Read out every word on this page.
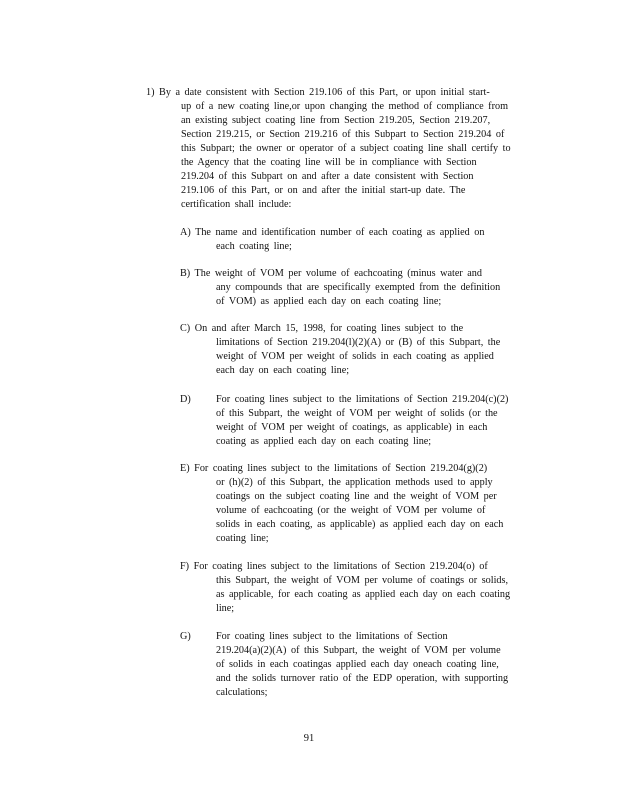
1) By a date consistent with Section 219.106 of this Part, or upon initial start-
up of a new coating line,or upon changing the method of compliance from
an existing subject coating line from Section 219.205, Section 219.207,
Section 219.215, or Section 219.216 of this Subpart to Section 219.204 of
this Subpart; the owner or operator of a subject coating line shall certify to
the Agency that the coating line will be in compliance with Section
219.204 of this Subpart on and after a date consistent with Section
219.106 of this Part, or on and after the initial start-up date. The
certification shall include:
A) The name and identification number of each coating as applied on
each coating line;
B) The weight of VOM per volume of eachcoating (minus water and
any compounds that are specifically exempted from the definition
of VOM) as applied each day on each coating line;
C) On and after March 15, 1998, for coating lines subject to the
limitations of Section 219.204(l)(2)(A) or (B) of this Subpart, the
weight of VOM per weight of solids in each coating as applied
each day on each coating line;
D) For coating lines subject to the limitations of Section 219.204(c)(2)
of this Subpart, the weight of VOM per weight of solids (or the
weight of VOM per weight of coatings, as applicable) in each
coating as applied each day on each coating line;
E) For coating lines subject to the limitations of Section 219.204(g)(2)
or (h)(2) of this Subpart, the application methods used to apply
coatings on the subject coating line and the weight of VOM per
volume of eachcoating (or the weight of VOM per volume of
solids in each coating, as applicable) as applied each day on each
coating line;
F) For coating lines subject to the limitations of Section 219.204(o) of
this Subpart, the weight of VOM per volume of coatings or solids,
as applicable, for each coating as applied each day on each coating
line;
G) For coating lines subject to the limitations of Section
219.204(a)(2)(A) of this Subpart, the weight of VOM per volume
of solids in each coatingas applied each day oneach coating line,
and the solids turnover ratio of the EDP operation, with supporting
calculations;
91
